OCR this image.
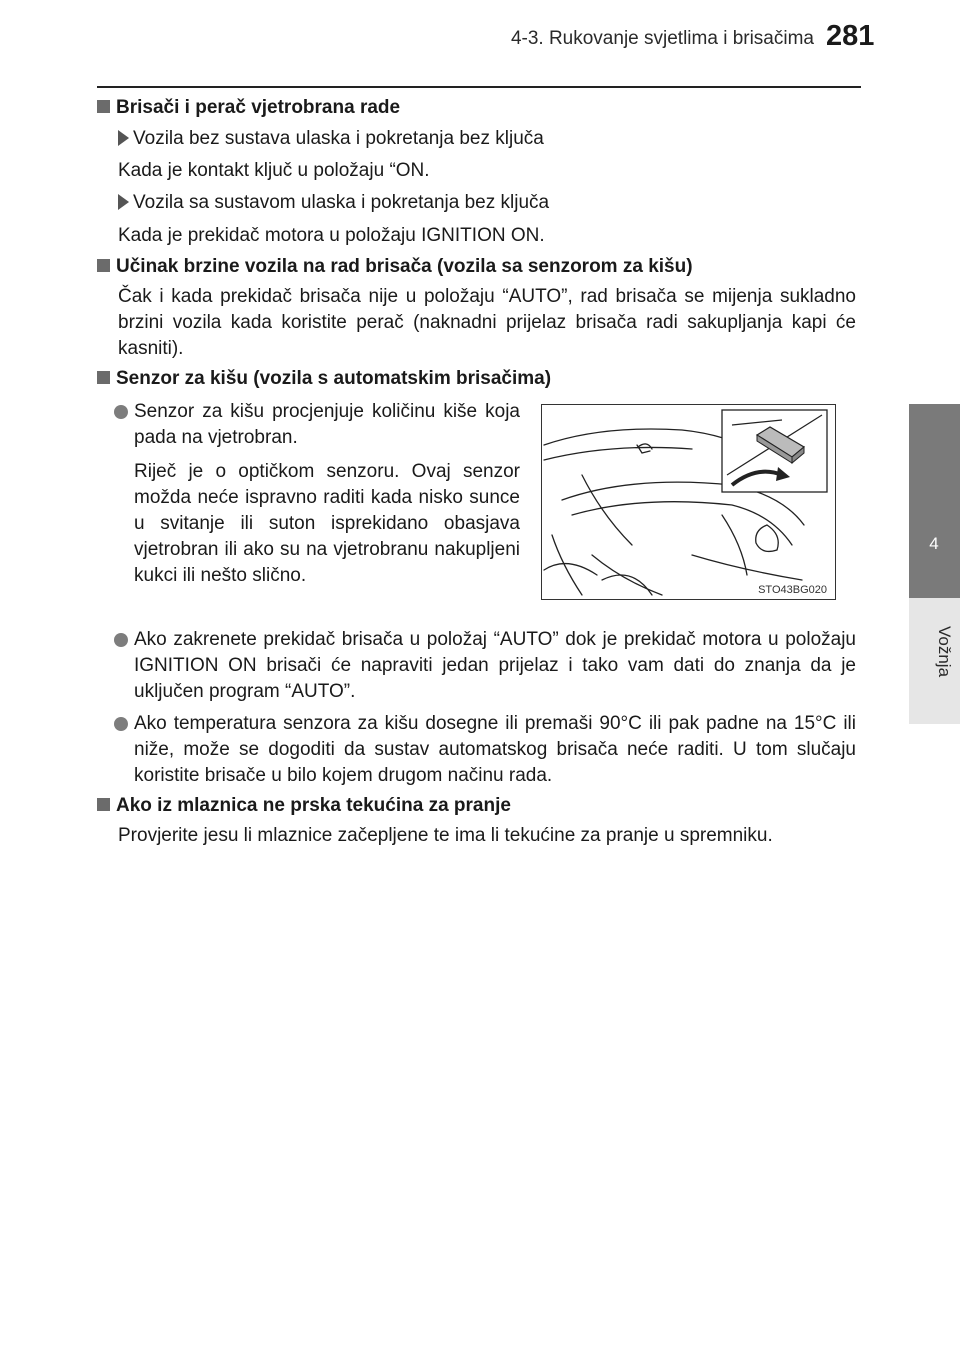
4-3. Rukovanje svjetlima i brisačima 281
4
Vožnja
Brisači i perač vjetrobrana rade
Vozila bez sustava ulaska i pokretanja bez ključa
Kada je kontakt ključ u položaju “ON.
Vozila sa sustavom ulaska i pokretanja bez ključa
Kada je prekidač motora u položaju IGNITION ON.
Učinak brzine vozila na rad brisača (vozila sa senzorom za kišu)
Čak i kada prekidač brisača nije u položaju “AUTO”, rad brisača se mijenja sukladno brzini vozila kada koristite perač (naknadni prijelaz brisača radi sakupljanja kapi će kasniti).
Senzor za kišu (vozila s automatskim brisačima)
Senzor za kišu procjenjuje količinu kiše koja pada na vjetrobran.
Riječ je o optičkom senzoru. Ovaj senzor možda neće ispravno raditi kada nisko sunce u svitanje ili suton isprekidano obasjava vjetrobran ili ako su na vjetrobranu nakupljeni kukci ili nešto slično.
STO43BG020
Ako zakrenete prekidač brisača u položaj “AUTO” dok je prekidač motora u položaju IGNITION ON brisači će napraviti jedan prijelaz i tako vam dati do znanja da je uključen program “AUTO”.
Ako temperatura senzora za kišu dosegne ili premaši 90°C ili pak padne na 15°C ili niže, može se dogoditi da sustav automatskog brisača neće raditi. U tom slučaju koristite brisače u bilo kojem drugom načinu rada.
Ako iz mlaznica ne prska tekućina za pranje
Provjerite jesu li mlaznice začepljene te ima li tekućine za pranje u spremniku.
